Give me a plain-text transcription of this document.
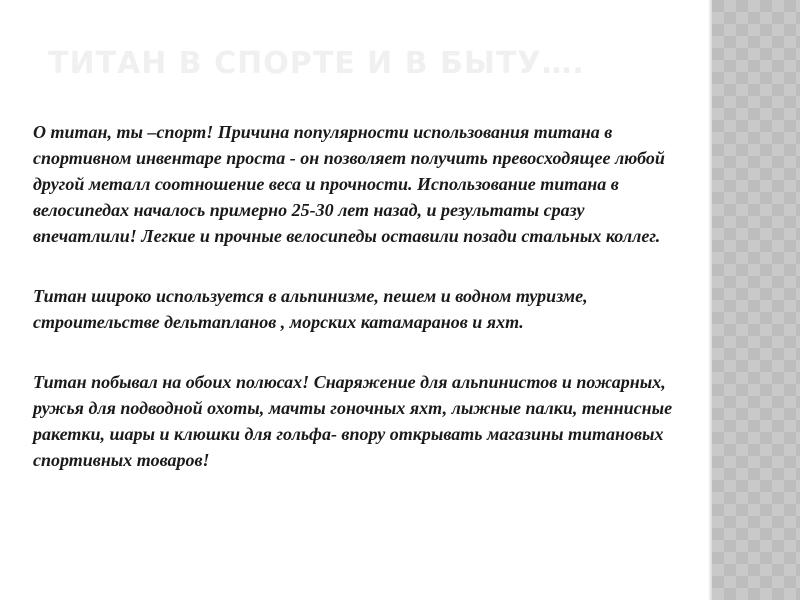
ТИТАН В СПОРТЕ И В БЫТУ….

О титан, ты –спорт! Причина популярности использования титана в спортивном инвентаре проста - он позволяет получить превосходящее любой другой металл соотношение веса и прочности. Использование титана в велосипедах началось примерно 25-30 лет назад, и результаты сразу впечатлили! Легкие и прочные велосипеды оставили позади стальных коллег.

Титан широко используется в альпинизме, пешем и водном туризме, строительстве дельтапланов , морских катамаранов и яхт.

Титан побывал на обоих полюсах! Снаряжение для альпинистов и пожарных, ружья для подводной охоты, мачты гоночных яхт, лыжные палки, теннисные ракетки, шары и клюшки для гольфа- впору открывать магазины титановых спортивных товаров!
